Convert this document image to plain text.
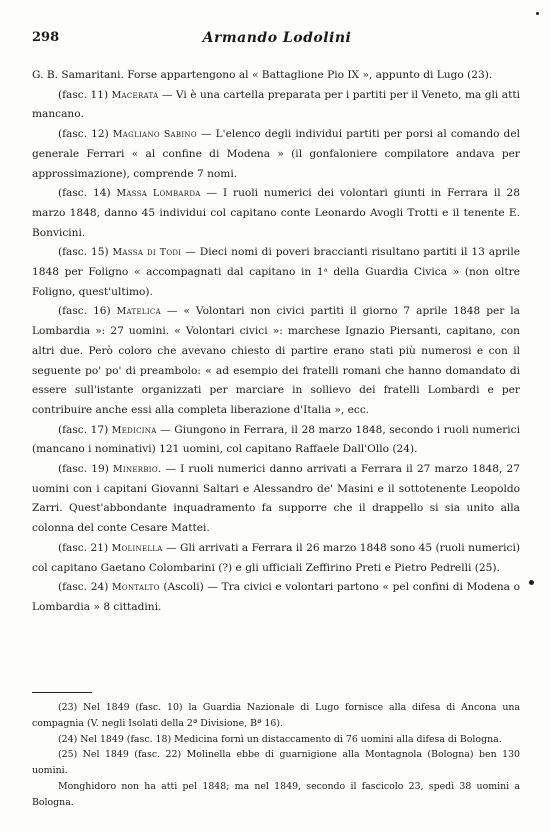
298	Armando Lodolini

G. B. Samaritani. Forse appartengono al « Battaglione Pio IX », appunto di Lugo (23).

(fasc. 11) Macerata — Vi è una cartella preparata per i partiti per il Veneto, ma gli atti mancano.

(fasc. 12) Magliano Sabino — L'elenco degli individui partiti per porsi al comando del generale Ferrari « al confine di Modena » (il gonfaloniere compilatore andava per approssimazione), comprende 7 nomi.

(fasc. 14) Massa Lombarda — I ruoli numerici dei volontari giunti in Ferrara il 28 marzo 1848, danno 45 individui col capitano conte Leonardo Avogli Trotti e il tenente E. Bonvicini.

(fasc. 15) Massa di Todi — Dieci nomi di poveri braccianti risultano partiti il 13 aprile 1848 per Foligno « accompagnati dal capitano in 1ᵃ della Guardia Civica » (non oltre Foligno, quest'ultimo).

(fasc. 16) Matelica — « Volontari non civici partiti il giorno 7 aprile 1848 per la Lombardia »: 27 uomini. « Volontari civici »: marchese Ignazio Piersanti, capitano, con altri due. Però coloro che avevano chiesto di partire erano stati più numerosi e con il seguente po' po' di preambolo: « ad esempio dei fratelli romani che hanno domandato di essere sull'istante organizzati per marciare in sollievo dei fratelli Lombardi e per contribuire anche essi alla completa liberazione d'Italia », ecc.

(fasc. 17) Medicina — Giungono in Ferrara, il 28 marzo 1848, secondo i ruoli numerici (mancano i nominativi) 121 uomini, col capitano Raffaele Dall'Ollo (24).

(fasc. 19) Minerbio. — I ruoli numerici danno arrivati a Ferrara il 27 marzo 1848, 27 uomini con i capitani Giovanni Saltari e Alessandro de' Masini e il sottotenente Leopoldo Zarri. Quest'abbondante inquadramento fa supporre che il drappello si sia unito alla colonna del conte Cesare Mattei.

(fasc. 21) Molinella — Gli arrivati a Ferrara il 26 marzo 1848 sono 45 (ruoli numerici) col capitano Gaetano Colombarini (?) e gli ufficiali Zeffirino Preti e Pietro Pedrelli (25).

(fasc. 24) Montalto (Ascoli) — Tra civici e volontari partono « pel confini di Modena o Lombardia » 8 cittadini.

(23) Nel 1849 (fasc. 10) la Guardia Nazionale di Lugo fornisce alla difesa di Ancona una compagnia (V. negli Isolati della 2ª Divisione, Bª 16).

(24) Nel 1849 (fasc. 18) Medicina fornì un distaccamento di 76 uomini alla difesa di Bologna.

(25) Nel 1849 (fasc. 22) Molinella ebbe di guarnigione alla Montagnola (Bologna) ben 130 uomini.

Monghidoro non ha atti pel 1848; ma nel 1849, secondo il fascicolo 23, spedì 38 uomini a Bologna.
